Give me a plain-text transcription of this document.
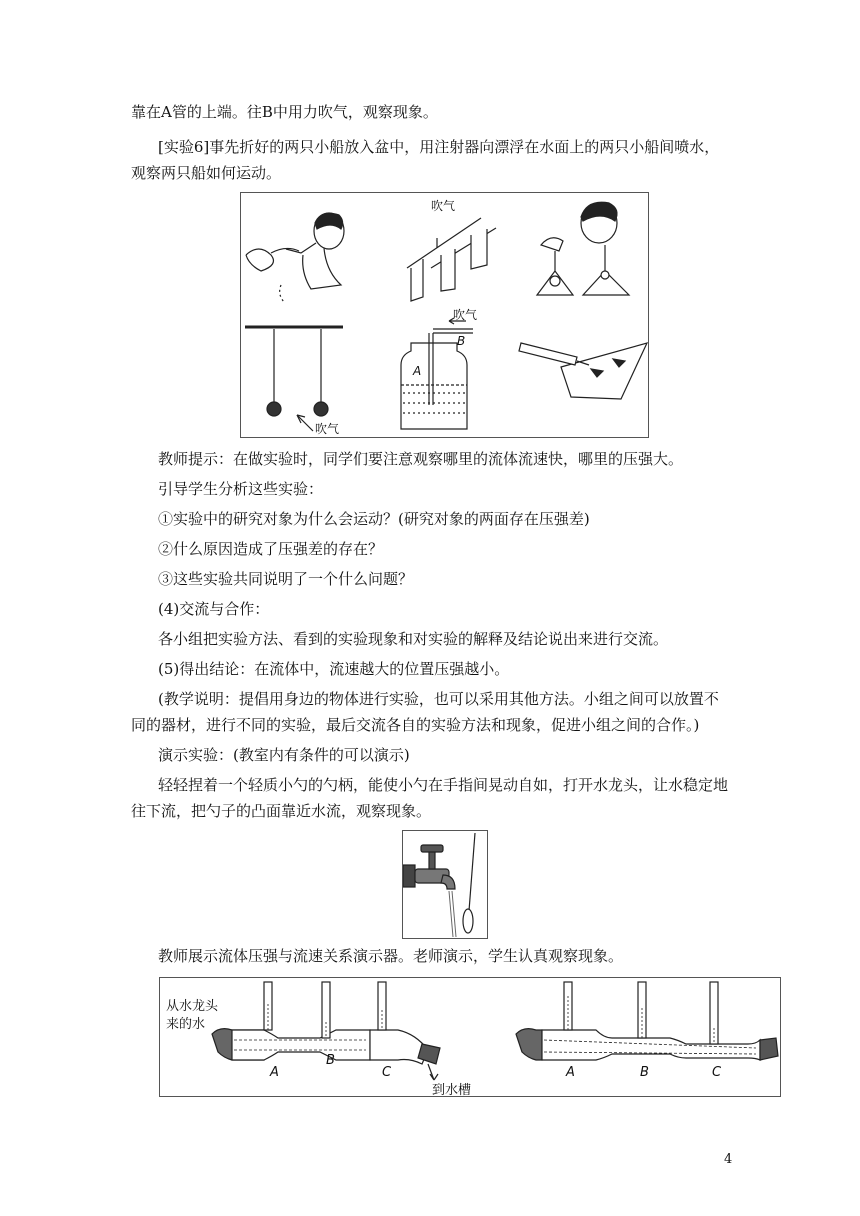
靠在A管的上端。往B中用力吹气，观察现象。
[实验6]事先折好的两只小船放入盆中，用注射器向漂浮在水面上的两只小船间喷水，
观察两只船如何运动。
吹气
吹气
吹气
B
A
教师提示：在做实验时，同学们要注意观察哪里的流体流速快，哪里的压强大。
引导学生分析这些实验：
①实验中的研究对象为什么会运动？(研究对象的两面存在压强差)
②什么原因造成了压强差的存在？
③这些实验共同说明了一个什么问题？
(4)交流与合作：
各小组把实验方法、看到的实验现象和对实验的解释及结论说出来进行交流。
(5)得出结论：在流体中，流速越大的位置压强越小。
(教学说明：提倡用身边的物体进行实验，也可以采用其他方法。小组之间可以放置不
同的器材，进行不同的实验，最后交流各自的实验方法和现象，促进小组之间的合作。)
演示实验：(教室内有条件的可以演示)
轻轻捏着一个轻质小勺的勺柄，能使小勺在手指间晃动自如，打开水龙头，让水稳定地
往下流，把勺子的凸面靠近水流，观察现象。
教师展示流体压强与流速关系演示器。老师演示，学生认真观察现象。
从水龙头
来的水
A
B
C
到水槽
A	B	C
4
